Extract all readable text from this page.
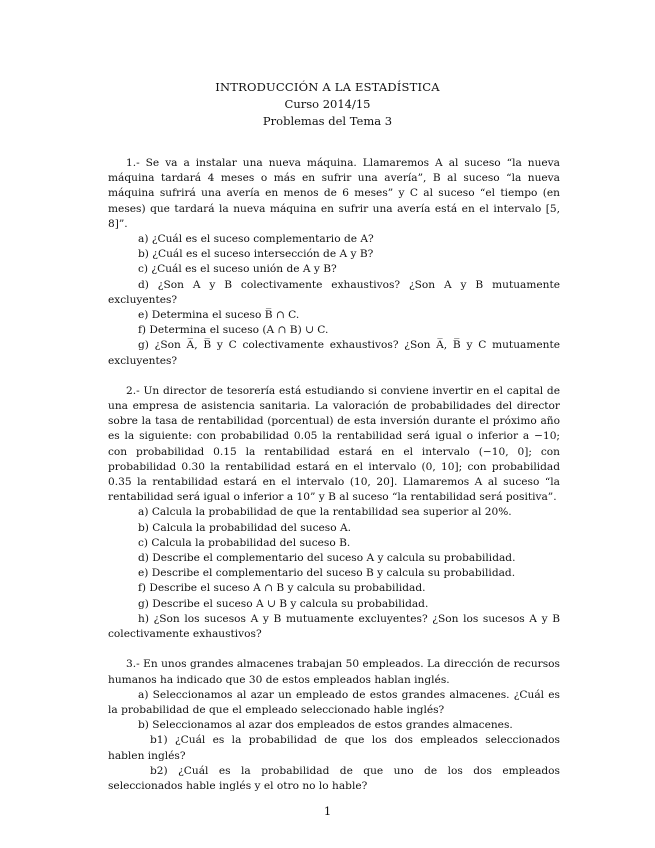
INTRODUCCIÓN A LA ESTADÍSTICA
Curso 2014/15
Problemas del Tema 3

1.- Se va a instalar una nueva máquina. Llamaremos A al suceso “la nueva máquina tardará 4 meses o más en sufrir una avería”, B al suceso “la nueva máquina sufrirá una avería en menos de 6 meses” y C al suceso “el tiempo (en meses) que tardará la nueva máquina en sufrir una avería está en el intervalo [5, 8]”.

a) ¿Cuál es el suceso complementario de A?

b) ¿Cuál es el suceso intersección de A y B?

c) ¿Cuál es el suceso unión de A y B?

d) ¿Son A y B colectivamente exhaustivos? ¿Son A y B mutuamente excluyentes?

e) Determina el suceso B̅ ∩ C.

f) Determina el suceso (A ∩ B) ∪ C.

g) ¿Son A̅, B̅ y C colectivamente exhaustivos? ¿Son A̅, B̅ y C mutuamente excluyentes?

2.- Un director de tesorería está estudiando si conviene invertir en el capital de una empresa de asistencia sanitaria. La valoración de probabilidades del director sobre la tasa de rentabilidad (porcentual) de esta inversión durante el próximo año es la siguiente: con probabilidad 0.05 la rentabilidad será igual o inferior a −10; con probabilidad 0.15 la rentabilidad estará en el intervalo (−10, 0]; con probabilidad 0.30 la rentabilidad estará en el intervalo (0, 10]; con probabilidad 0.35 la rentabilidad estará en el intervalo (10, 20]. Llamaremos A al suceso “la rentabilidad será igual o inferior a 10” y B al suceso “la rentabilidad será positiva”.

a) Calcula la probabilidad de que la rentabilidad sea superior al 20%.

b) Calcula la probabilidad del suceso A.

c) Calcula la probabilidad del suceso B.

d) Describe el complementario del suceso A y calcula su probabilidad.

e) Describe el complementario del suceso B y calcula su probabilidad.

f) Describe el suceso A ∩ B y calcula su probabilidad.

g) Describe el suceso A ∪ B y calcula su probabilidad.

h) ¿Son los sucesos A y B mutuamente excluyentes? ¿Son los sucesos A y B colectivamente exhaustivos?

3.- En unos grandes almacenes trabajan 50 empleados. La dirección de recursos humanos ha indicado que 30 de estos empleados hablan inglés.

a) Seleccionamos al azar un empleado de estos grandes almacenes. ¿Cuál es la probabilidad de que el empleado seleccionado hable inglés?

b) Seleccionamos al azar dos empleados de estos grandes almacenes.

b1) ¿Cuál es la probabilidad de que los dos empleados seleccionados hablen inglés?

b2) ¿Cuál es la probabilidad de que uno de los dos empleados seleccionados hable inglés y el otro no lo hable?

1
